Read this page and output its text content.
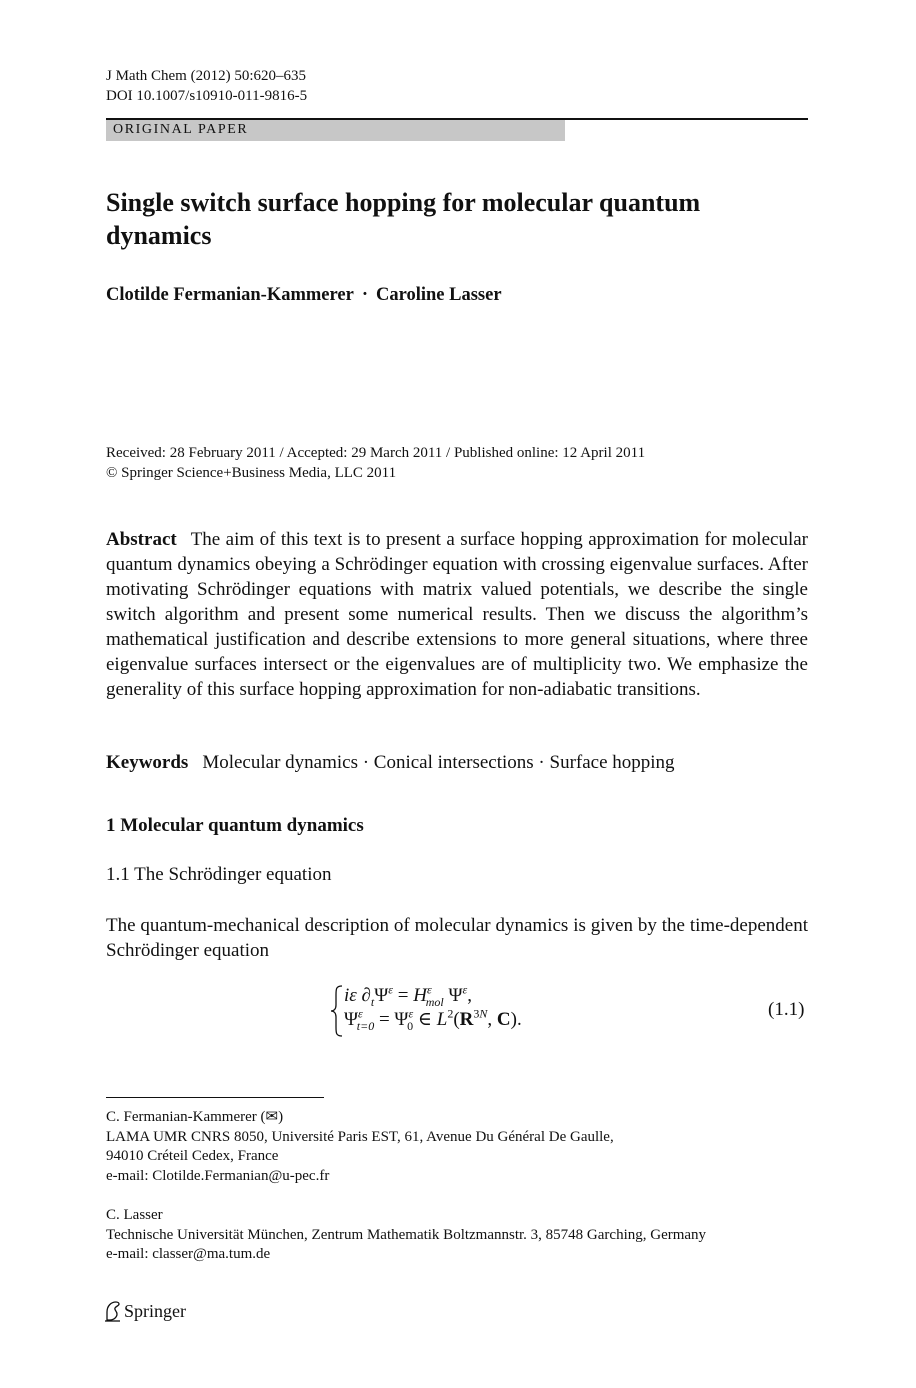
J Math Chem (2012) 50:620–635
DOI 10.1007/s10910-011-9816-5
ORIGINAL PAPER
Single switch surface hopping for molecular quantum dynamics
Clotilde Fermanian-Kammerer · Caroline Lasser
Received: 28 February 2011 / Accepted: 29 March 2011 / Published online: 12 April 2011
© Springer Science+Business Media, LLC 2011
Abstract The aim of this text is to present a surface hopping approximation for molecular quantum dynamics obeying a Schrödinger equation with crossing eigenvalue surfaces. After motivating Schrödinger equations with matrix valued potentials, we describe the single switch algorithm and present some numerical results. Then we discuss the algorithm’s mathematical justification and describe extensions to more general situations, where three eigenvalue surfaces intersect or the eigenvalues are of multiplicity two. We emphasize the generality of this surface hopping approximation for non-adiabatic transitions.
Keywords Molecular dynamics · Conical intersections · Surface hopping
1 Molecular quantum dynamics
1.1 The Schrödinger equation
The quantum-mechanical description of molecular dynamics is given by the time-dependent Schrödinger equation
iε $\partial_t\Psi^\varepsilon = H^\varepsilon_{mol}$ $\Psi^\varepsilon$,
$\Psi^\varepsilon_{t=0} = \Psi^\varepsilon_0$ ∈ $L^2(R^{3N}$, C).	(1.1)
C. Fermanian-Kammerer (✉)
LAMA UMR CNRS 8050, Université Paris EST, 61, Avenue Du Général De Gaulle,
94010 Créteil Cedex, France
e-mail: Clotilde.Fermanian@u-pec.fr
C. Lasser
Technische Universität München, Zentrum Mathematik Boltzmannstr. 3, 85748 Garching, Germany
e-mail: classer@ma.tum.de
Springer
